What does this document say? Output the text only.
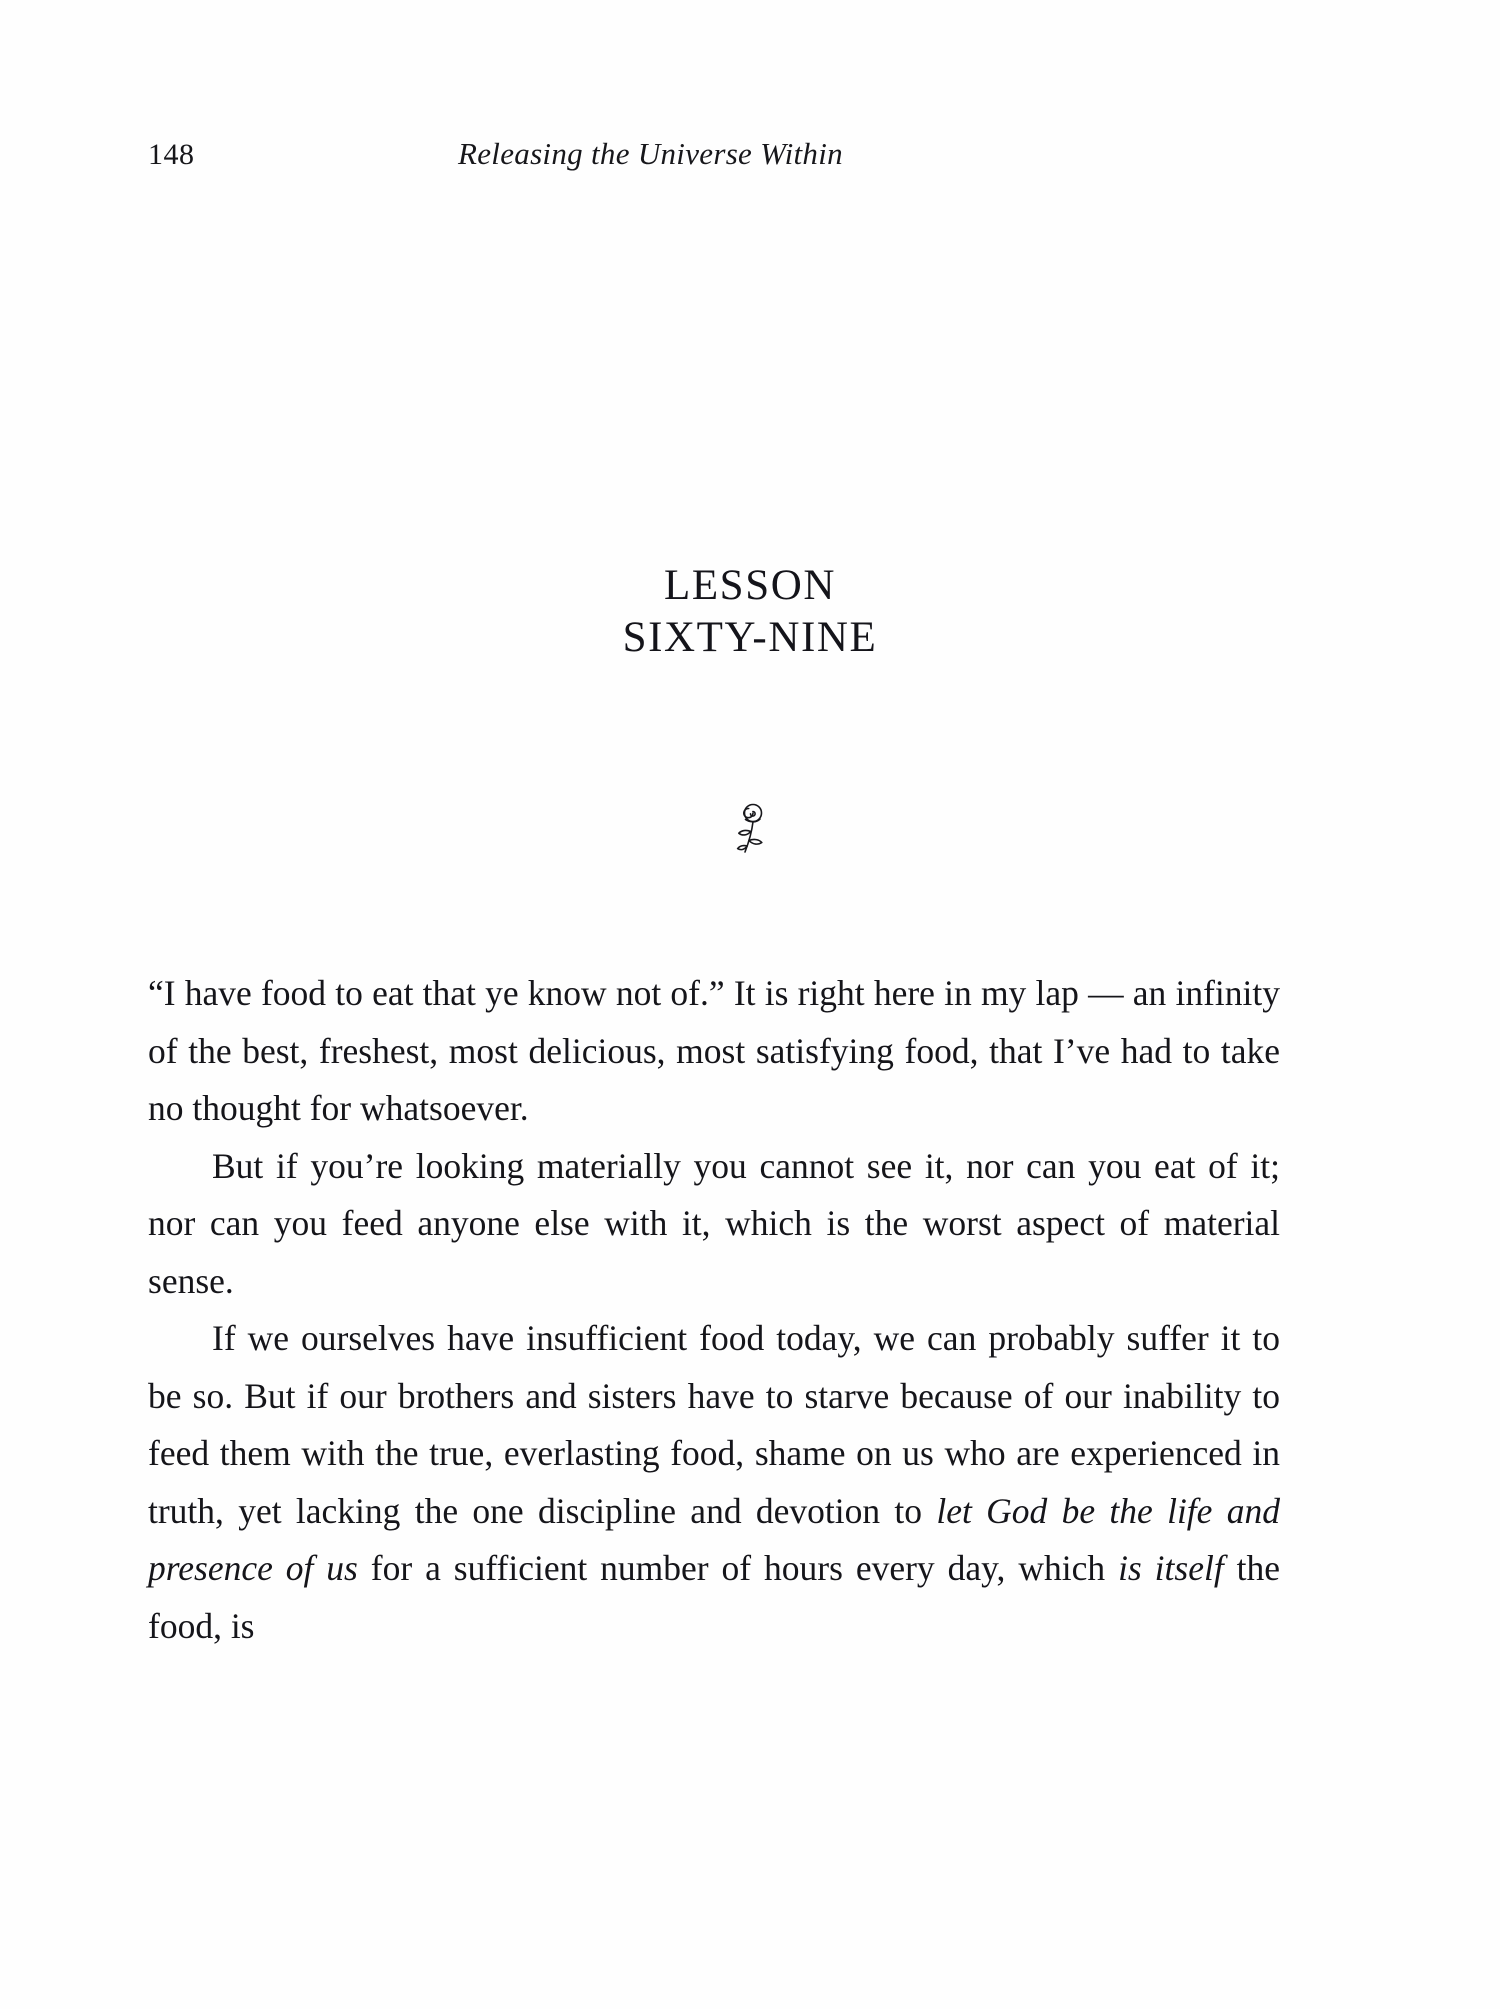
148	Releasing the Universe Within
LESSON
SIXTY-NINE

“I have food to eat that ye know not of.” It is right here in my lap — an infinity of the best, freshest, most delicious, most satisfying food, that I’ve had to take no thought for whatsoever.

But if you’re looking materially you cannot see it, nor can you eat of it; nor can you feed anyone else with it, which is the worst aspect of material sense.

If we ourselves have insufficient food today, we can probably suffer it to be so. But if our brothers and sisters have to starve because of our inability to feed them with the true, everlasting food, shame on us who are experienced in truth, yet lacking the one discipline and devotion to let God be the life and presence of us for a sufficient number of hours every day, which is itself the food, is
